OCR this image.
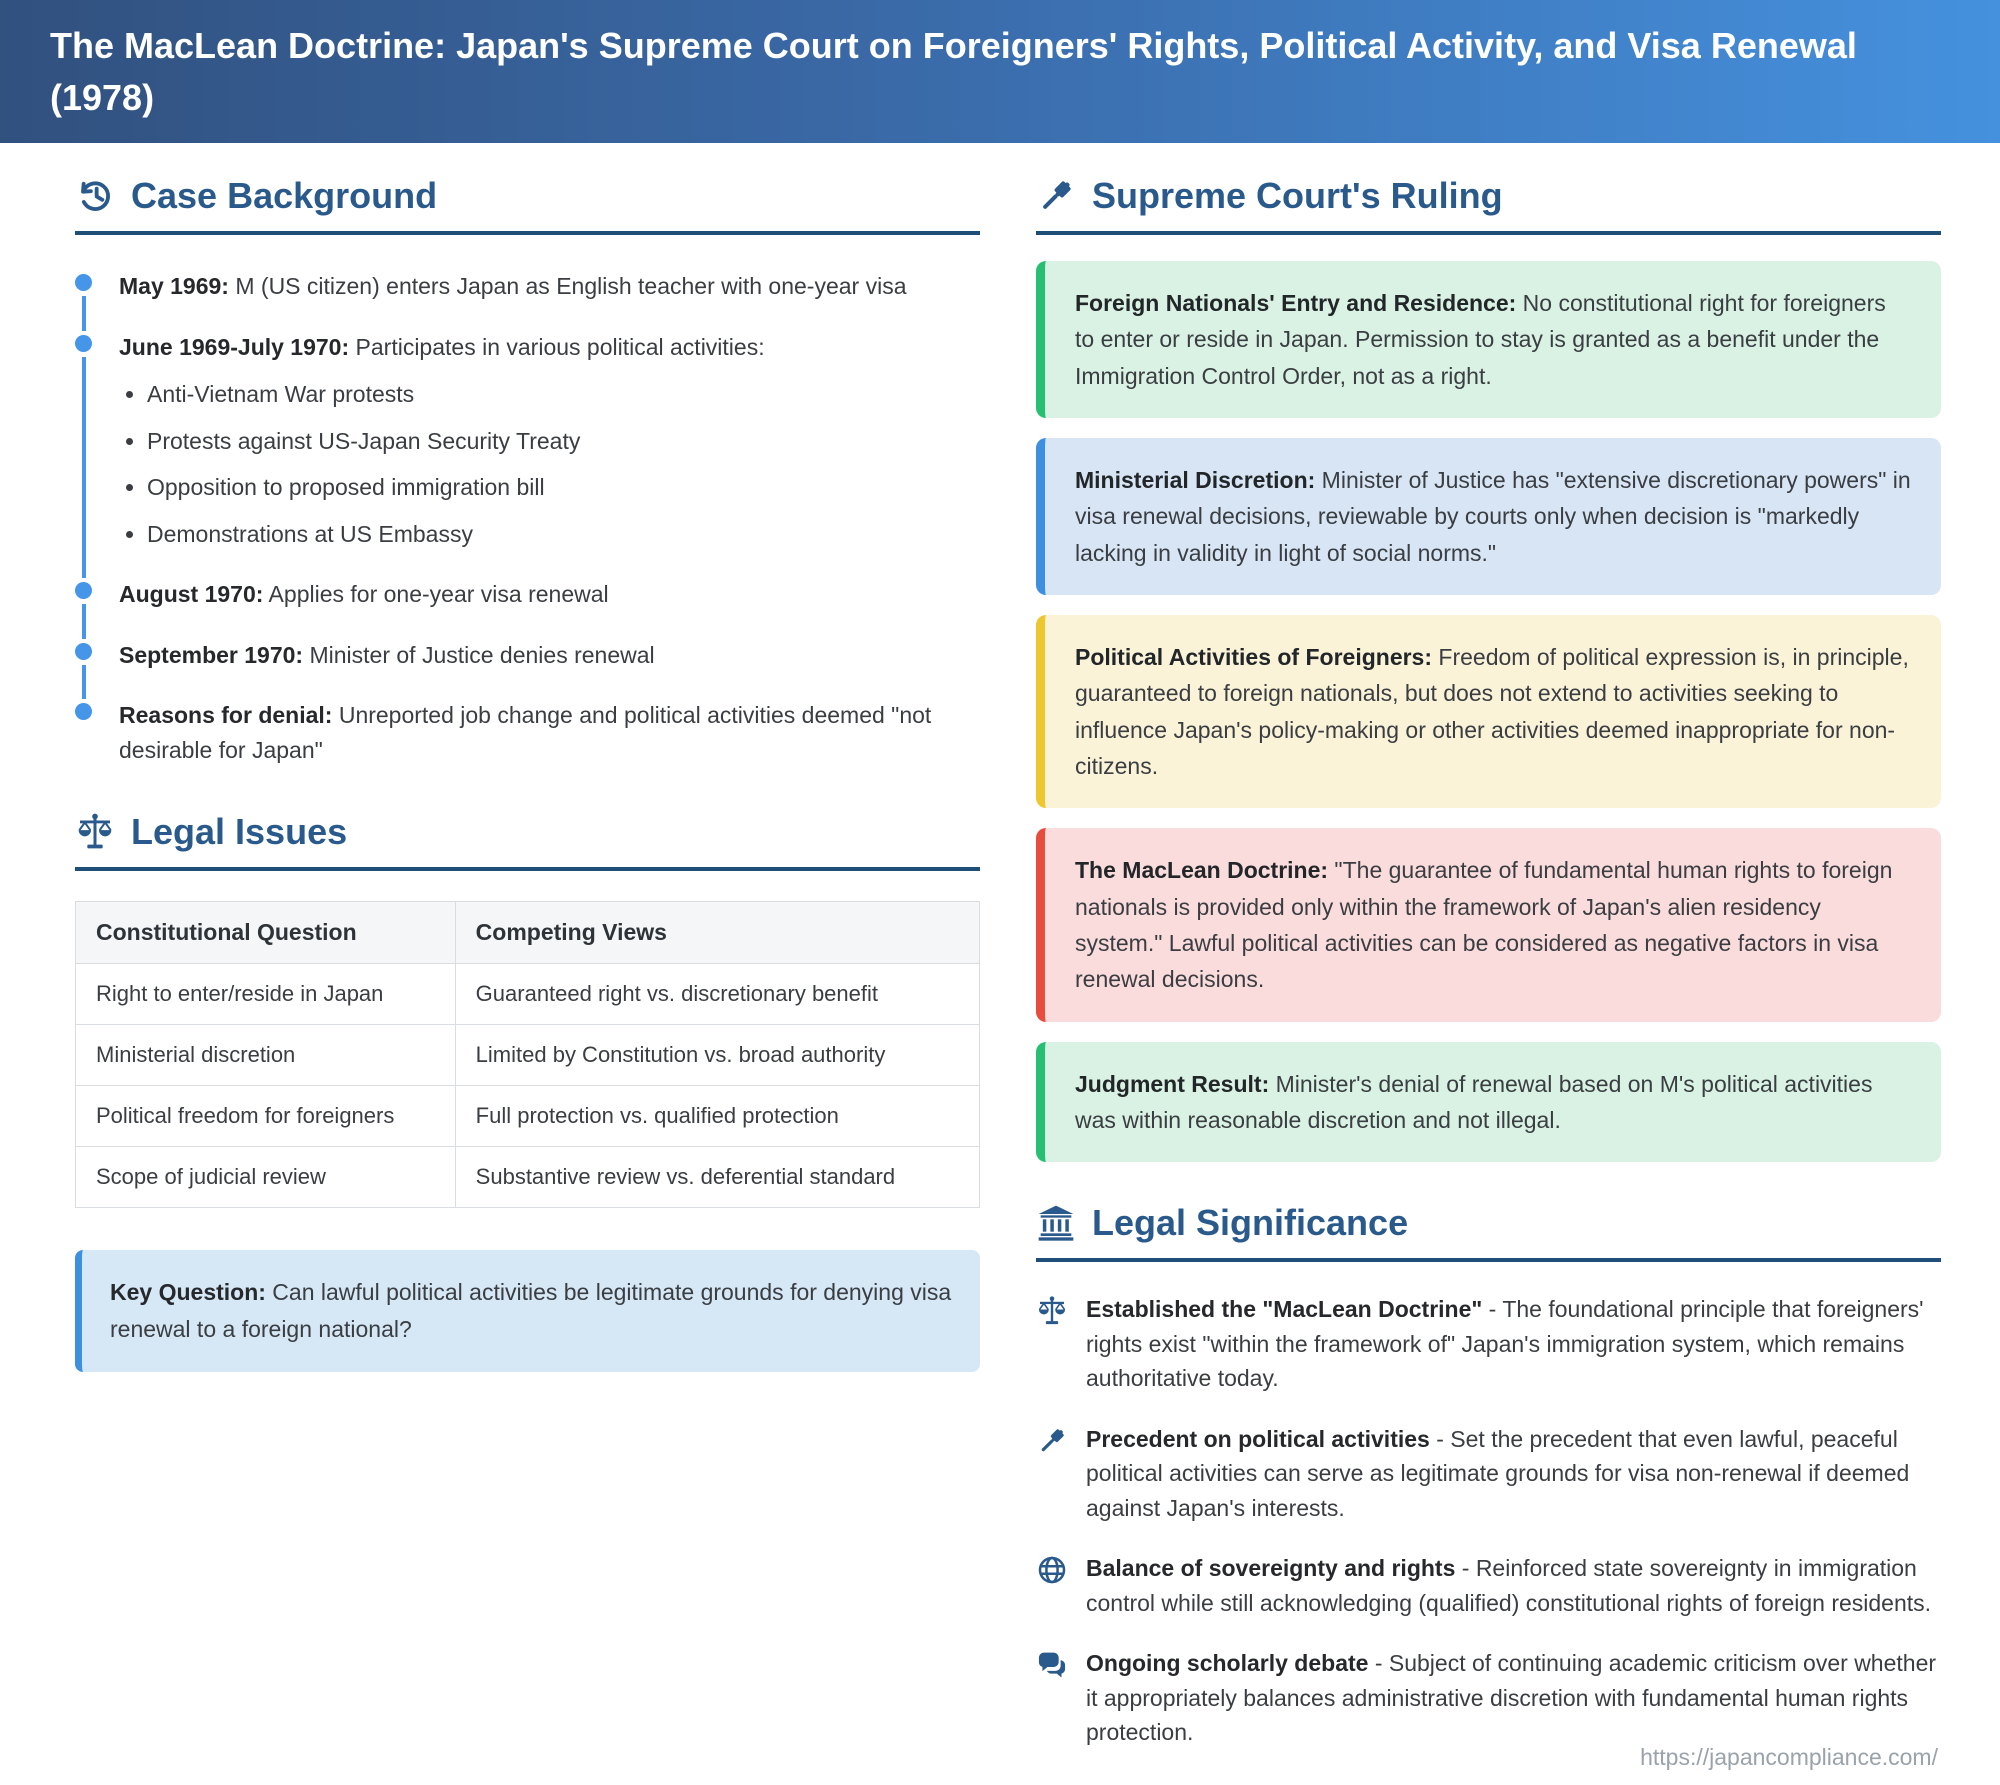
The MacLean Doctrine: Japan's Supreme Court on Foreigners' Rights, Political Activity, and Visa Renewal (1978)
Case Background
May 1969: M (US citizen) enters Japan as English teacher with one-year visa
June 1969-July 1970: Participates in various political activities:
• Anti-Vietnam War protests
• Protests against US-Japan Security Treaty
• Opposition to proposed immigration bill
• Demonstrations at US Embassy
August 1970: Applies for one-year visa renewal
September 1970: Minister of Justice denies renewal
Reasons for denial: Unreported job change and political activities deemed "not desirable for Japan"
Legal Issues
Constitutional Question	Competing Views
Right to enter/reside in Japan	Guaranteed right vs. discretionary benefit
Ministerial discretion	Limited by Constitution vs. broad authority
Political freedom for foreigners	Full protection vs. qualified protection
Scope of judicial review	Substantive review vs. deferential standard
Key Question: Can lawful political activities be legitimate grounds for denying visa renewal to a foreign national?
Supreme Court's Ruling
Foreign Nationals' Entry and Residence: No constitutional right for foreigners to enter or reside in Japan. Permission to stay is granted as a benefit under the Immigration Control Order, not as a right.
Ministerial Discretion: Minister of Justice has "extensive discretionary powers" in visa renewal decisions, reviewable by courts only when decision is "markedly lacking in validity in light of social norms."
Political Activities of Foreigners: Freedom of political expression is, in principle, guaranteed to foreign nationals, but does not extend to activities seeking to influence Japan's policy-making or other activities deemed inappropriate for non-citizens.
The MacLean Doctrine: "The guarantee of fundamental human rights to foreign nationals is provided only within the framework of Japan's alien residency system." Lawful political activities can be considered as negative factors in visa renewal decisions.
Judgment Result: Minister's denial of renewal based on M's political activities was within reasonable discretion and not illegal.
Legal Significance
Established the "MacLean Doctrine" - The foundational principle that foreigners' rights exist "within the framework of" Japan's immigration system, which remains authoritative today.
Precedent on political activities - Set the precedent that even lawful, peaceful political activities can serve as legitimate grounds for visa non-renewal if deemed against Japan's interests.
Balance of sovereignty and rights - Reinforced state sovereignty in immigration control while still acknowledging (qualified) constitutional rights of foreign residents.
Ongoing scholarly debate - Subject of continuing academic criticism over whether it appropriately balances administrative discretion with fundamental human rights protection.
https://japancompliance.com/
